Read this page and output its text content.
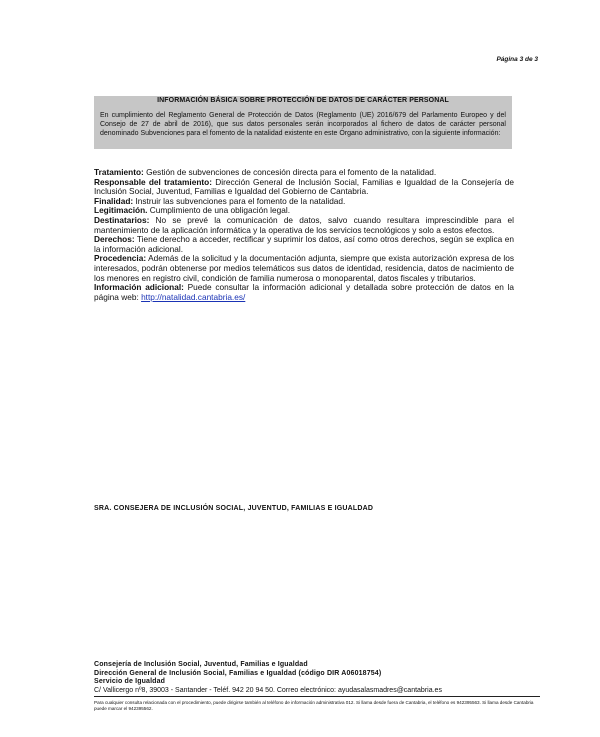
Página 3 de 3
INFORMACIÓN BÁSICA SOBRE PROTECCIÓN DE DATOS DE CARÁCTER PERSONAL
En cumplimiento del Reglamento General de Protección de Datos (Reglamento (UE) 2016/679 del Parlamento Europeo y del Consejo de 27 de abril de 2016), que sus datos personales serán incorporados al fichero de datos de carácter personal denominado Subvenciones para el fomento de la natalidad existente en este Órgano administrativo, con la siguiente información:

Tratamiento: Gestión de subvenciones de concesión directa para el fomento de la natalidad.

Responsable del tratamiento: Dirección General de Inclusión Social, Familias e Igualdad de la Consejería de Inclusión Social, Juventud, Familias e Igualdad del Gobierno de Cantabria.

Finalidad: Instruir las subvenciones para el fomento de la natalidad.

Legitimación. Cumplimiento de una obligación legal.

Destinatarios: No se prevé la comunicación de datos, salvo cuando resultara imprescindible para el mantenimiento de la aplicación informática y la operativa de los servicios tecnológicos y solo a estos efectos.

Derechos: Tiene derecho a acceder, rectificar y suprimir los datos, así como otros derechos, según se explica en la información adicional.

Procedencia: Además de la solicitud y la documentación adjunta, siempre que exista autorización expresa de los interesados, podrán obtenerse por medios telemáticos sus datos de identidad, residencia, datos de nacimiento de los menores en registro civil, condición de familia numerosa o monoparental, datos fiscales y tributarios.

Información adicional: Puede consultar la información adicional y detallada sobre protección de datos en la página web: http://natalidad.cantabria.es/

SRA. CONSEJERA DE INCLUSIÓN SOCIAL, JUVENTUD, FAMILIAS E IGUALDAD
Consejería de Inclusión Social, Juventud, Familias e Igualdad
Dirección General de Inclusión Social, Familias e Igualdad (código DIR A06018754)
Servicio de Igualdad
C/ Vallicergo nº8, 39003 - Santander - Teléf. 942 20 94 50. Correo electrónico: ayudasalasmadres@cantabria.es
Para cualquier consulta relacionada con el procedimiento, puede dirigirse también al teléfono de información administrativa 012. Si llama desde fuera de Cantabria, el teléfono es 942395563. Si llama desde Cantabria puede marcar el 942395562.
